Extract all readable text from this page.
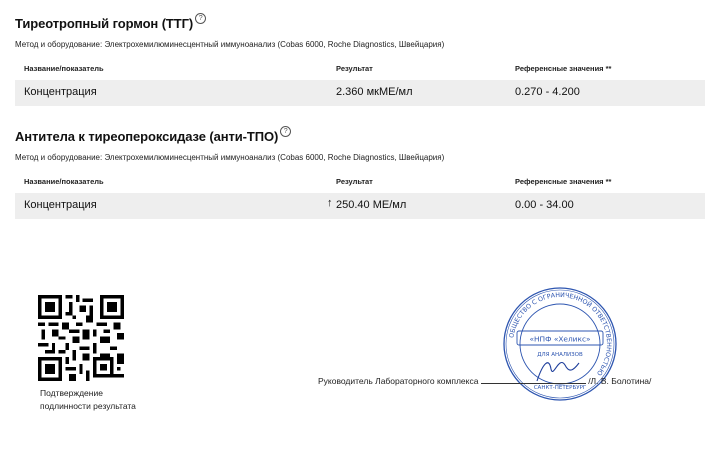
Тиреотропный гормон (ТТГ) ?
Метод и оборудование: Электрохемилюминесцентный иммуноанализ (Cobas 6000, Roche Diagnostics, Швейцария)
Название/показатель	Результат	Референсные значения **
Концентрация	2.360 мкМЕ/мл	0.270 - 4.200
Антитела к тиреопероксидазе (анти-ТПО) ?
Метод и оборудование: Электрохемилюминесцентный иммуноанализ (Cobas 6000, Roche Diagnostics, Швейцария)
Название/показатель	Результат	Референсные значения **
Концентрация	↑ 250.40 МЕ/мл	0.00 - 34.00
Подтверждение
подлинности результата
ОБЩЕСТВО С ОГРАНИЧЕННОЙ ОТВЕТСТВЕННОСТЬЮ
«НПФ «Хеликс»
ДЛЯ АНАЛИЗОВ
САНКТ-ПЕТЕРБУРГ
Руководитель Лабораторного комплекса	/Л. В. Болотина/
